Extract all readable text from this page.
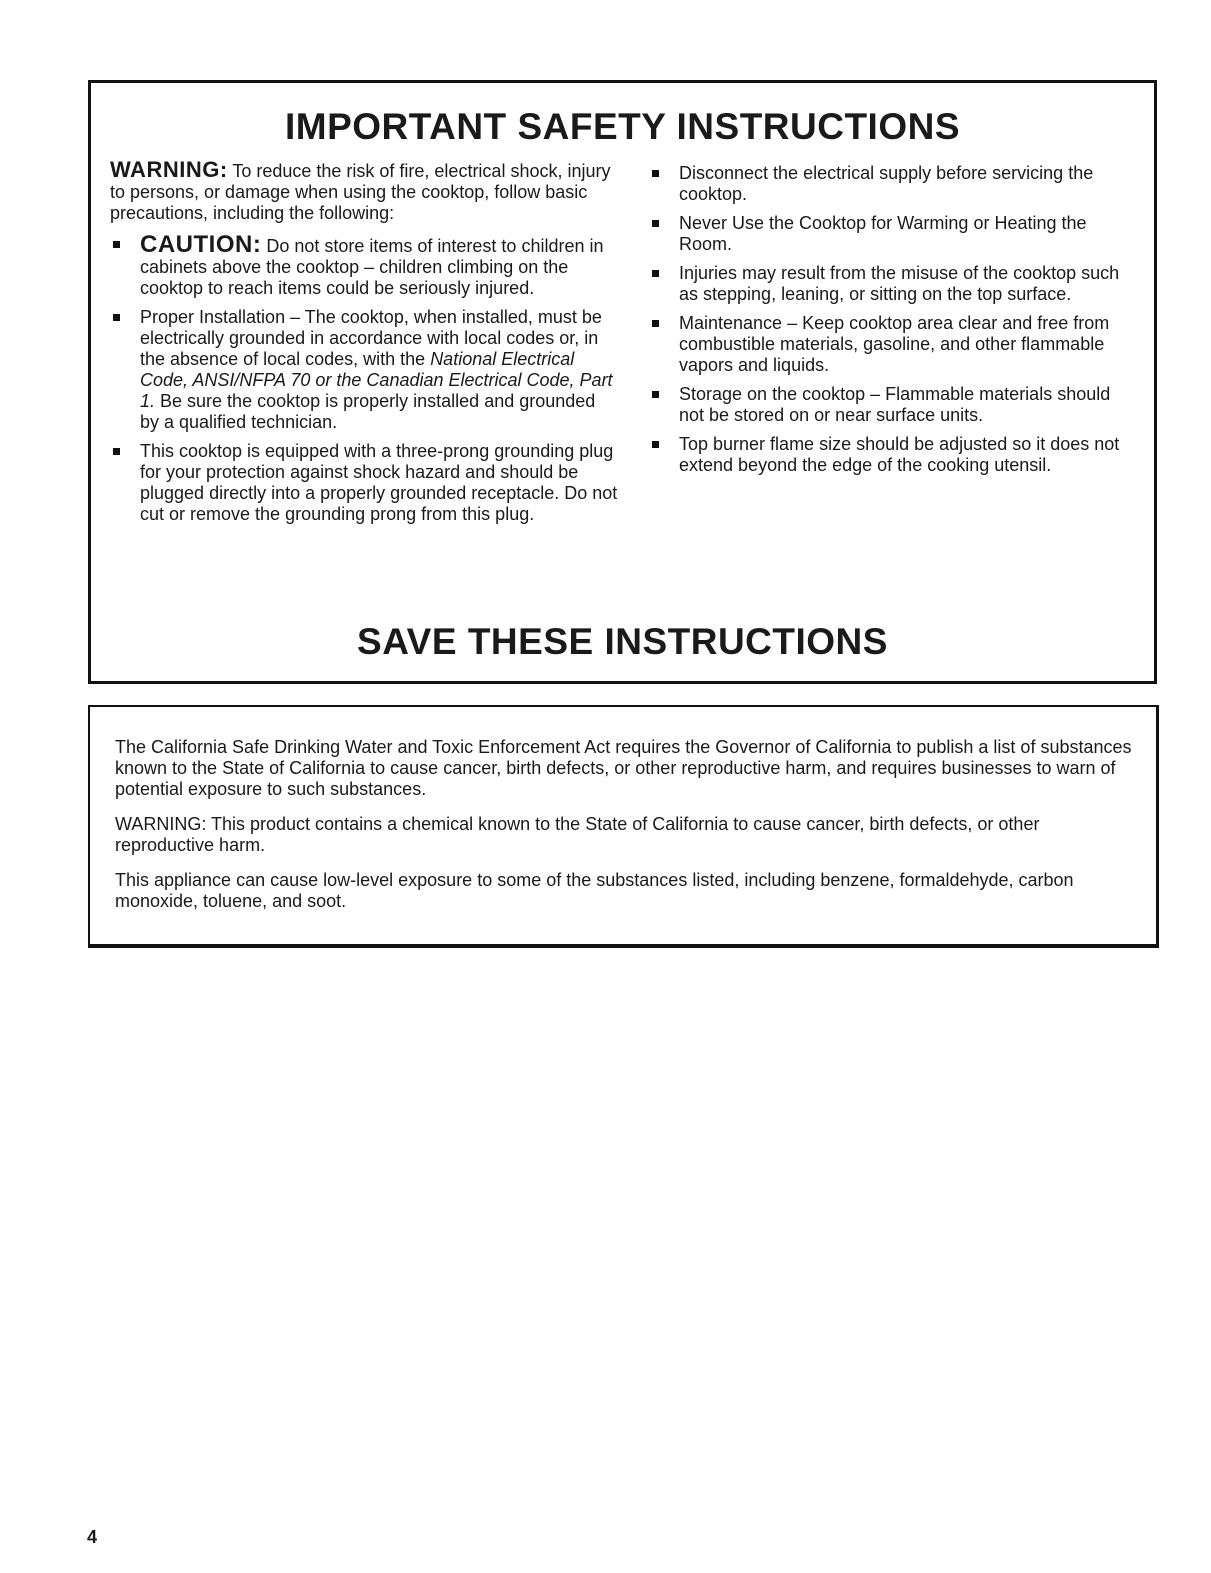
IMPORTANT SAFETY INSTRUCTIONS

WARNING: To reduce the risk of fire, electrical shock, injury to persons, or damage when using the cooktop, follow basic precautions, including the following:

CAUTION: Do not store items of interest to children in cabinets above the cooktop – children climbing on the cooktop to reach items could be seriously injured.
Proper Installation – The cooktop, when installed, must be electrically grounded in accordance with local codes or, in the absence of local codes, with the National Electrical Code, ANSI/NFPA 70 or the Canadian Electrical Code, Part 1. Be sure the cooktop is properly installed and grounded by a qualified technician.
This cooktop is equipped with a three-prong grounding plug for your protection against shock hazard and should be plugged directly into a properly grounded receptacle. Do not cut or remove the grounding prong from this plug.
Disconnect the electrical supply before servicing the cooktop.
Never Use the Cooktop for Warming or Heating the Room.
Injuries may result from the misuse of the cooktop such as stepping, leaning, or sitting on the top surface.
Maintenance – Keep cooktop area clear and free from combustible materials, gasoline, and other flammable vapors and liquids.
Storage on the cooktop – Flammable materials should not be stored on or near surface units.
Top burner flame size should be adjusted so it does not extend beyond the edge of the cooking utensil.
SAVE THESE INSTRUCTIONS

The California Safe Drinking Water and Toxic Enforcement Act requires the Governor of California to publish a list of substances known to the State of California to cause cancer, birth defects, or other reproductive harm, and requires businesses to warn of potential exposure to such substances.

WARNING: This product contains a chemical known to the State of California to cause cancer, birth defects, or other reproductive harm.

This appliance can cause low-level exposure to some of the substances listed, including benzene, formaldehyde, carbon monoxide, toluene, and soot.

4
